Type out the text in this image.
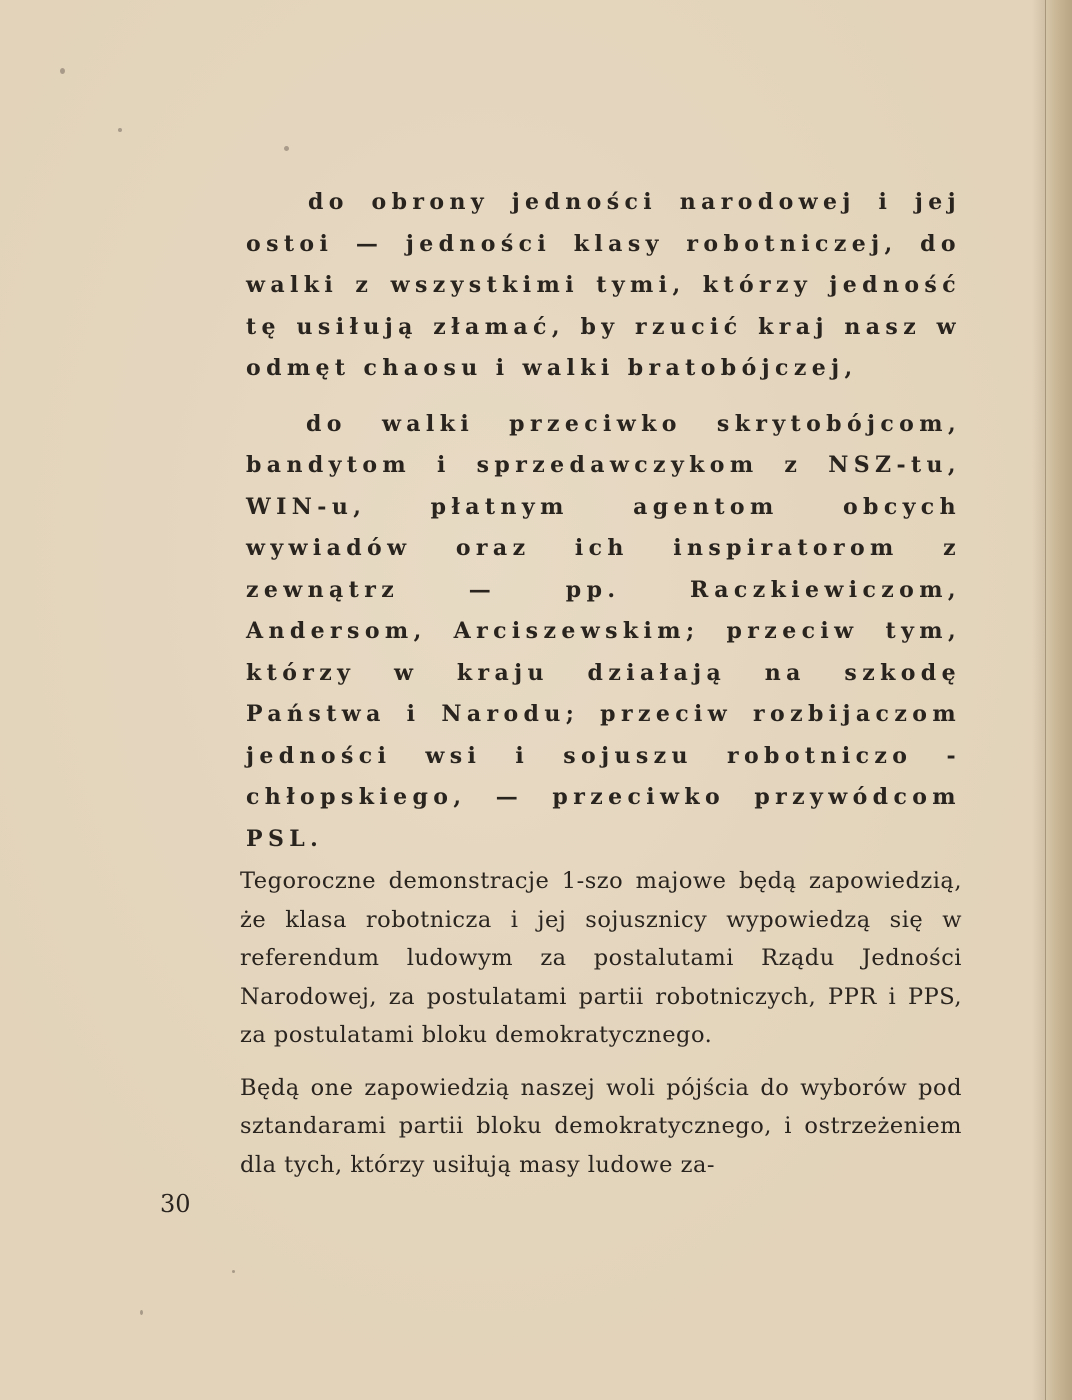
do obrony jedności narodowej i jej ostoi — jedności klasy robotniczej, do walki z wszystkimi tymi, którzy jedność tę usiłują złamać, by rzucić kraj nasz w odmęt chaosu i walki bratobójczej,

do walki przeciwko skrytobójcom, bandytom i sprzedawczykom z NSZ-tu, WIN-u, płatnym agentom obcych wywiadów oraz ich inspiratorom z zewnątrz — pp. Raczkiewiczom, Andersom, Arciszewskim; przeciw tym, którzy w kraju działają na szkodę Państwa i Narodu; przeciw rozbijaczom jedności wsi i sojuszu robotniczo - chłopskiego, — przeciwko przywódcom PSL.

Tegoroczne demonstracje 1-szo majowe będą zapowiedzią, że klasa robotnicza i jej sojusznicy wypowiedzą się w referendum ludowym za postalutami Rządu Jedności Narodowej, za postulatami partii robotniczych, PPR i PPS, za postulatami bloku demokratycznego.

Będą one zapowiedzią naszej woli pójścia do wyborów pod sztandarami partii bloku demokratycznego, i ostrzeżeniem dla tych, którzy usiłują masy ludowe za-

30
